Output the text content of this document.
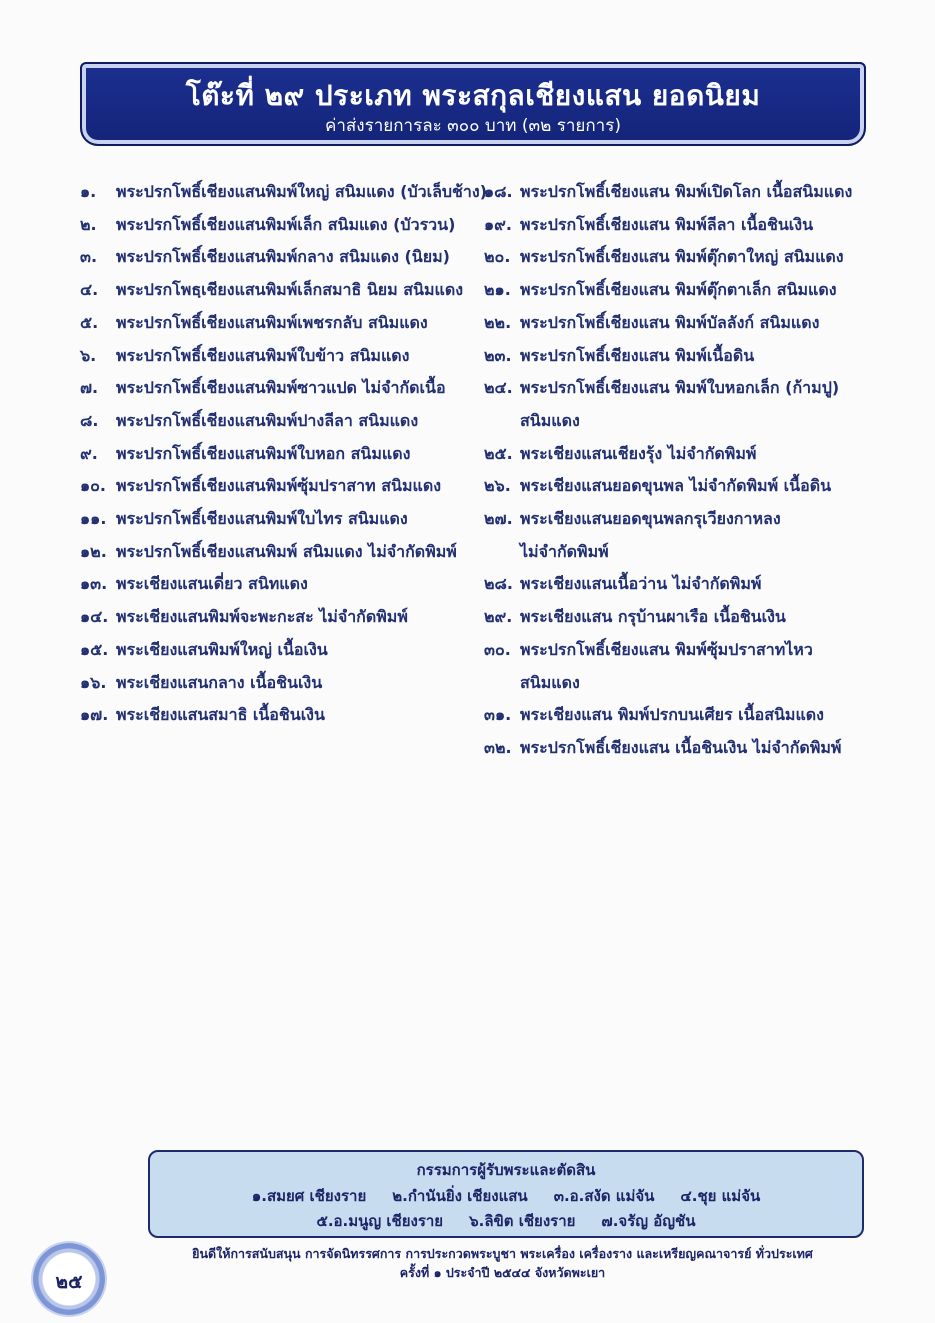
โต๊ะที่ ๒๙ ประเภท พระสกุลเชียงแสน ยอดนิยม
ค่าส่งรายการละ ๓๐๐ บาท (๓๒ รายการ)
๑.	พระปรกโพธิ์เชียงแสนพิมพ์ใหญ่ สนิมแดง (บัวเล็บช้าง)
๒.	พระปรกโพธิ์เชียงแสนพิมพ์เล็ก สนิมแดง (บัวรวน)
๓.	พระปรกโพธิ์เชียงแสนพิมพ์กลาง สนิมแดง (นิยม)
๔.	พระปรกโพธฺเชียงแสนพิมพ์เล็กสมาธิ นิยม สนิมแดง
๕.	พระปรกโพธิ์เชียงแสนพิมพ์เพชรกลับ สนิมแดง
๖.	พระปรกโพธิ์เชียงแสนพิมพ์ใบข้าว สนิมแดง
๗.	พระปรกโพธิ์เชียงแสนพิมพ์ซาวแปด ไม่จำกัดเนื้อ
๘.	พระปรกโพธิ์เชียงแสนพิมพ์ปางลีลา สนิมแดง
๙.	พระปรกโพธิ์เชียงแสนพิมพ์ใบหอก สนิมแดง
๑๐. พระปรกโพธิ์เชียงแสนพิมพ์ซุ้มปราสาท สนิมแดง
๑๑. พระปรกโพธิ์เชียงแสนพิมพ์ใบไทร สนิมแดง
๑๒. พระปรกโพธิ์เชียงแสนพิมพ์ สนิมแดง ไม่จำกัดพิมพ์
๑๓. พระเชียงแสนเดี่ยว สนิทแดง
๑๔. พระเชียงแสนพิมพ์จะพะกะสะ ไม่จำกัดพิมพ์
๑๕. พระเชียงแสนพิมพ์ใหญ่ เนื้อเงิน
๑๖. พระเชียงแสนกลาง เนื้อชินเงิน
๑๗. พระเชียงแสนสมาธิ เนื้อชินเงิน
๑๘. พระปรกโพธิ์เชียงแสน พิมพ์เปิดโลก เนื้อสนิมแดง
๑๙. พระปรกโพธิ์เชียงแสน พิมพ์ลีลา เนื้อชินเงิน
๒๐. พระปรกโพธิ์เชียงแสน พิมพ์ตุ๊กตาใหญ่ สนิมแดง
๒๑. พระปรกโพธิ์เชียงแสน พิมพ์ตุ๊กตาเล็ก สนิมแดง
๒๒. พระปรกโพธิ์เชียงแสน พิมพ์บัลลังก์ สนิมแดง
๒๓. พระปรกโพธิ์เชียงแสน พิมพ์เนื้อดิน
๒๔. พระปรกโพธิ์เชียงแสน พิมพ์ใบหอกเล็ก (ก้ามปู)
สนิมแดง
๒๕. พระเชียงแสนเชียงรุ้ง ไม่จำกัดพิมพ์
๒๖. พระเชียงแสนยอดขุนพล ไม่จำกัดพิมพ์ เนื้อดิน
๒๗. พระเชียงแสนยอดขุนพลกรุเวียงกาหลง
ไม่จำกัดพิมพ์
๒๘. พระเชียงแสนเนื้อว่าน ไม่จำกัดพิมพ์
๒๙. พระเชียงแสน กรุบ้านผาเรือ เนื้อชินเงิน
๓๐. พระปรกโพธิ์เชียงแสน พิมพ์ซุ้มปราสาทไหว
สนิมแดง
๓๑. พระเชียงแสน พิมพ์ปรกบนเศียร เนื้อสนิมแดง
๓๒. พระปรกโพธิ์เชียงแสน เนื้อชินเงิน ไม่จำกัดพิมพ์
กรรมการผู้รับพระและตัดสิน
๑.สมยศ เชียงราย ๒.กำนันยิ่ง เชียงแสน ๓.อ.สงัด แม่จัน ๔.ชุย แม่จัน
๕.อ.มนูญ เชียงราย ๖.ลิขิต เชียงราย ๗.จรัญ อัญชัน
๒๕
ยินดีให้การสนับสนุน การจัดนิทรรศการ การประกวดพระบูชา พระเครื่อง เครื่องราง และเหรียญคณาจารย์ ทั่วประเทศ
ครั้งที่ ๑ ประจำปี ๒๕๔๔ จังหวัดพะเยา
